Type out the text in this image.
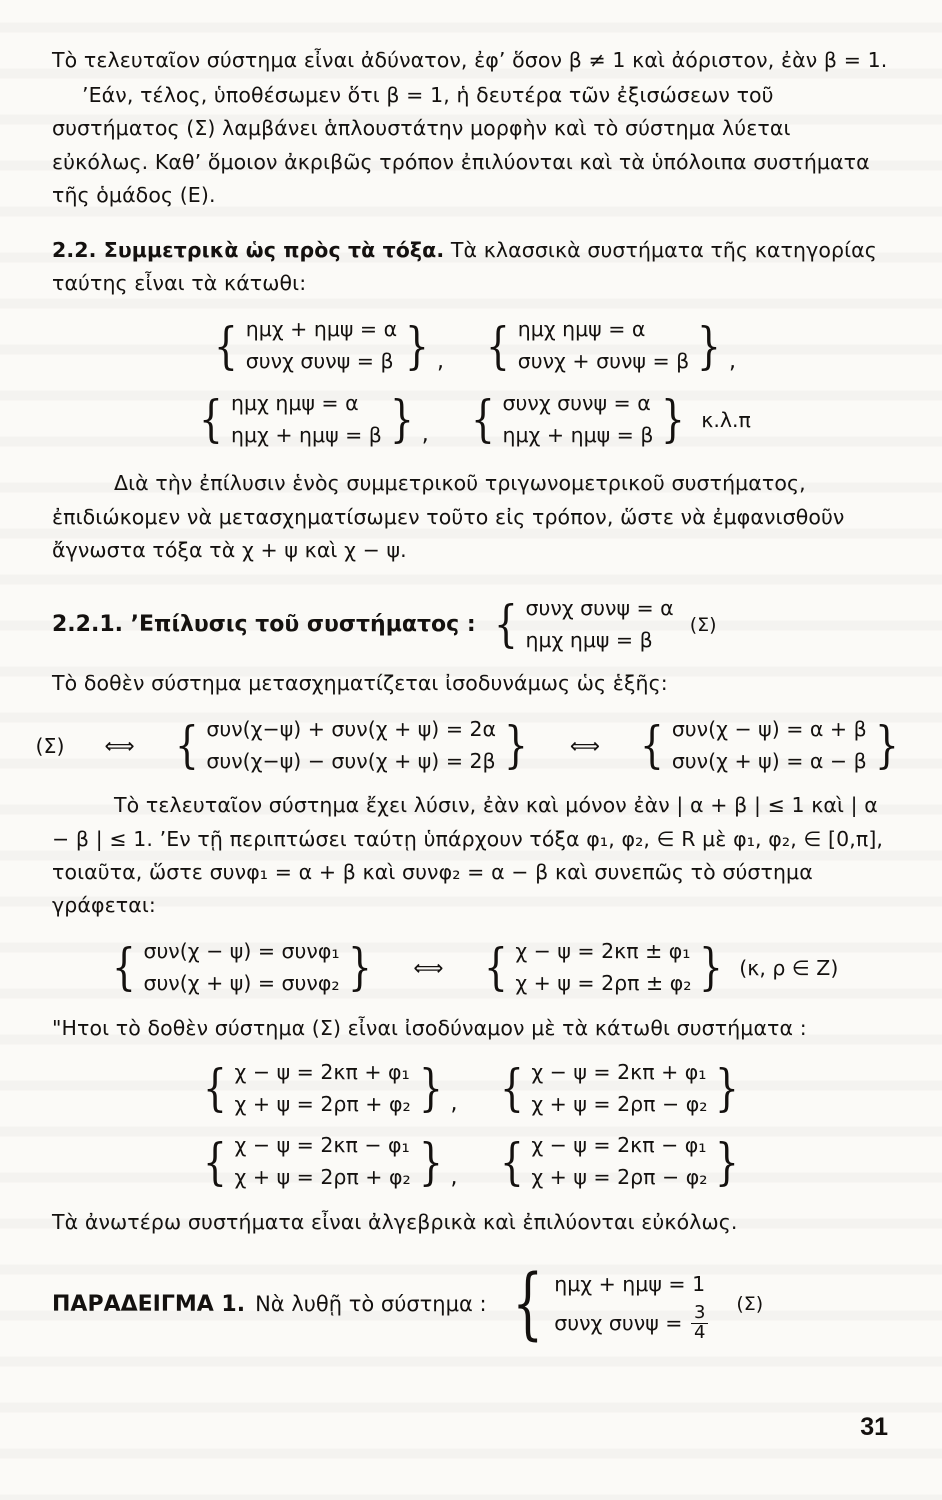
Τὸ τελευταῖον σύστημα εἶναι ἀδύνατον, ἐφ’ ὅσον β ≠ 1 καὶ ἀόριστον, ἐὰν β = 1.

’Εάν, τέλος, ὑποθέσωμεν ὅτι β = 1, ἡ δευτέρα τῶν ἐξισώσεων τοῦ συστήματος (Σ) λαμβάνει ἁπλουστάτην μορφὴν καὶ τὸ σύστημα λύεται εὐκόλως. Καθ’ ὅμοιον ἀκριβῶς τρόπον ἐπιλύονται καὶ τὰ ὑπόλοιπα συστήματα τῆς ὁμάδος (Ε).

2.2. Συμμετρικὰ ὡς πρὸς τὰ τόξα. Τὰ κλασσικὰ συστήματα τῆς κατηγορίας ταύτης εἶναι τὰ κάτωθι:

{ ημχ + ημψ = α
συνχ συνψ = β } , { ημχ ημψ = α
συνχ + συνψ = β } ,
{ ημχ ημψ = α
ημχ + ημψ = β } , { συνχ συνψ = α
ημχ + ημψ = β } κ.λ.π

Διὰ τὴν ἐπίλυσιν ἑνὸς συμμετρικοῦ τριγωνομετρικοῦ συστήματος, ἐπιδιώκομεν νὰ μετασχηματίσωμεν τοῦτο εἰς τρόπον, ὥστε νὰ ἐμφανισθοῦν ἄγνωστα τόξα τὰ χ + ψ καὶ χ − ψ.

2.2.1. ’Επίλυσις τοῦ συστήματος : { συνχ συνψ = α
ημχ ημψ = β
(Σ)

Τὸ δοθὲν σύστημα μετασχηματίζεται ἰσοδυνάμως ὡς ἑξῆς:

(Σ)	⟺ { συν(χ−ψ) + συν(χ + ψ) = 2α
συν(χ−ψ) − συν(χ + ψ) = 2β }	⟺ { συν(χ − ψ) = α + β
συν(χ + ψ) = α − β }

Τὸ τελευταῖον σύστημα ἔχει λύσιν, ἐὰν καὶ μόνον ἐὰν | α + β | ≤ 1 καὶ | α − β | ≤ 1. ’Εν τῇ περιπτώσει ταύτῃ ὑπάρχουν τόξα φ₁, φ₂, ∈ R μὲ φ₁, φ₂, ∈ [0,π], τοιαῦτα, ὥστε συνφ₁ = α + β καὶ συνφ₂ = α − β καὶ συνεπῶς τὸ σύστημα γράφεται:

{ συν(χ − ψ) = συνφ₁
συν(χ + ψ) = συνφ₂ }	⟺ { χ − ψ = 2κπ ± φ₁
χ + ψ = 2ρπ ± φ₂ } (κ, ρ ∈ Z)

"Ητοι τὸ δοθὲν σύστημα (Σ) εἶναι ἰσοδύναμον μὲ τὰ κάτωθι συστήματα :

{ χ − ψ = 2κπ + φ₁
χ + ψ = 2ρπ + φ₂ } , { χ − ψ = 2κπ + φ₁
χ + ψ = 2ρπ − φ₂ }
{ χ − ψ = 2κπ − φ₁
χ + ψ = 2ρπ + φ₂ } , { χ − ψ = 2κπ − φ₁
χ + ψ = 2ρπ − φ₂ }

Τὰ ἀνωτέρω συστήματα εἶναι ἀλγεβρικὰ καὶ ἐπιλύονται εὐκόλως.

ΠΑΡΑΔΕΙΓΜΑ 1. Νὰ λυθῇ τὸ σύστημα : { ημχ + ημψ = 1
συνχ $\sigma\upsilon\nu\psi = \frac{3}{4}$	(Σ)
31
